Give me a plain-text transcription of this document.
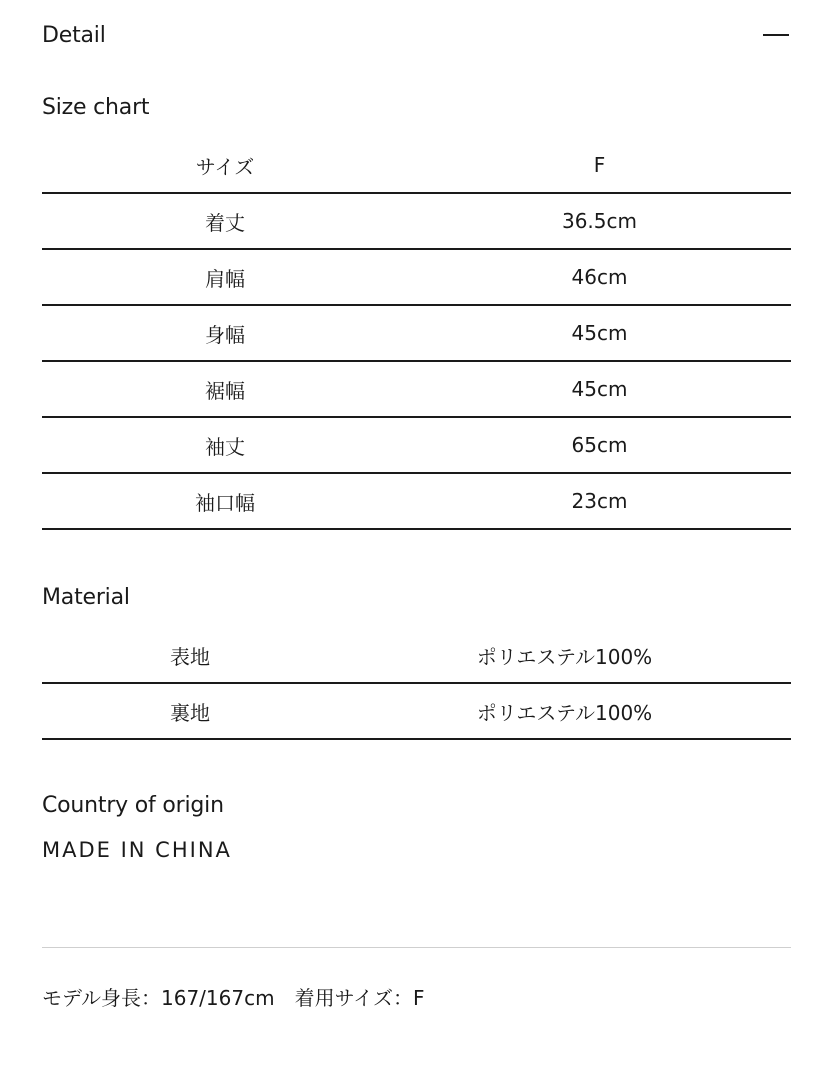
Detail
Size chart
サイズ	F
着丈	36.5cm
肩幅	46cm
身幅	45cm
裾幅	45cm
袖丈	65cm
袖口幅	23cm
Material
表地	ポリエステル100%
裏地	ポリエステル100%
Country of origin
MADE IN CHINA
モデル身長：167/167cm　着用サイズ：F
